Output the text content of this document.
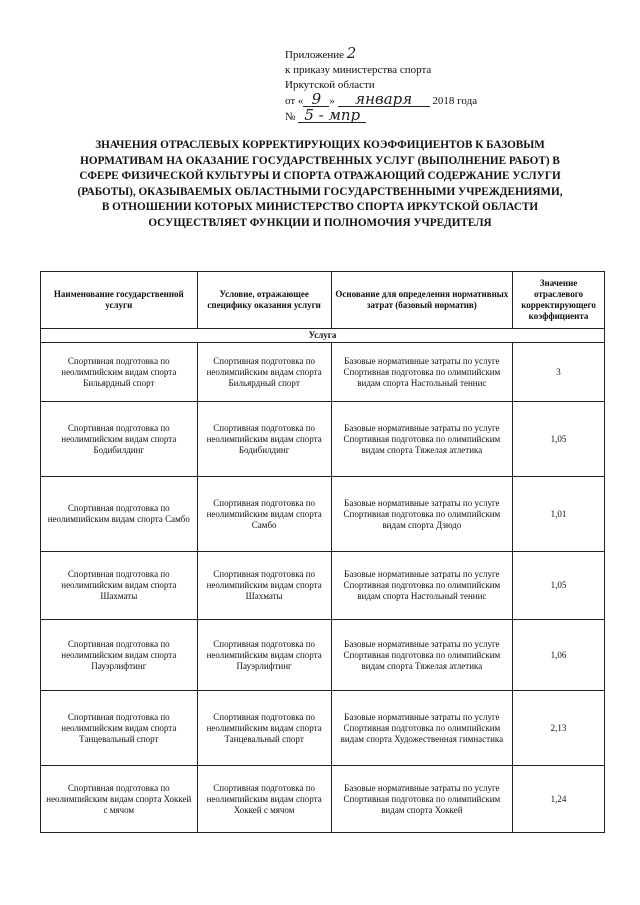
Приложение 2
к приказу министерства спорта
Иркутской области
от « 9 » января 2018 года
№ 5 - мпр
ЗНАЧЕНИЯ ОТРАСЛЕВЫХ КОРРЕКТИРУЮЩИХ КОЭФФИЦИЕНТОВ К БАЗОВЫМ
НОРМАТИВАМ НА ОКАЗАНИЕ ГОСУДАРСТВЕННЫХ УСЛУГ (ВЫПОЛНЕНИЕ РАБОТ) В
СФЕРЕ ФИЗИЧЕСКОЙ КУЛЬТУРЫ И СПОРТА ОТРАЖАЮЩИЙ СОДЕРЖАНИЕ УСЛУГИ
(РАБОТЫ), ОКАЗЫВАЕМЫХ ОБЛАСТНЫМИ ГОСУДАРСТВЕННЫМИ УЧРЕЖДЕНИЯМИ,
В ОТНОШЕНИИ КОТОРЫХ МИНИСТЕРСТВО СПОРТА ИРКУТСКОЙ ОБЛАСТИ
ОСУЩЕСТВЛЯЕТ ФУНКЦИИ И ПОЛНОМОЧИЯ УЧРЕДИТЕЛЯ
Наименование государственной услуги	Условие, отражающее специфику оказания услуги	Основание для определения нормативных затрат (базовый норматив)	Значение отраслевого корректирующего коэффициента
Услуга			
Спортивная подготовка по неолимпийским видам спорта Бильярдный спорт	Спортивная подготовка по неолимпийским видам спорта Бильярдный спорт	Базовые нормативные затраты по услуге Спортивная подготовка по олимпийским видам спорта Настольный теннис	3
Спортивная подготовка по неолимпийским видам спорта Бодибилдинг	Спортивная подготовка по неолимпийским видам спорта Бодибилдинг	Базовые нормативные затраты по услуге Спортивная подготовка по олимпийским видам спорта Тяжелая атлетика	1,05
Спортивная подготовка по неолимпийским видам спорта Самбо	Спортивная подготовка по неолимпийским видам спорта Самбо	Базовые нормативные затраты по услуге Спортивная подготовка по олимпийским видам спорта Дзюдо	1,01
Спортивная подготовка по неолимпийским видам спорта Шахматы	Спортивная подготовка по неолимпийским видам спорта Шахматы	Базовые нормативные затраты по услуге Спортивная подготовка по олимпийским видам спорта Настольный теннис	1,05
Спортивная подготовка по неолимпийским видам спорта Пауэрлифтинг	Спортивная подготовка по неолимпийским видам спорта Пауэрлифтинг	Базовые нормативные затраты по услуге Спортивная подготовка по олимпийским видам спорта Тяжелая атлетика	1,06
Спортивная подготовка по неолимпийским видам спорта Танцевальный спорт	Спортивная подготовка по неолимпийским видам спорта Танцевальный спорт	Базовые нормативные затраты по услуге Спортивная подготовка по олимпийским видам спорта Художественная гимнастика	2,13
Спортивная подготовка по неолимпийским видам спорта Хоккей с мячом	Спортивная подготовка по неолимпийским видам спорта Хоккей с мячом	Базовые нормативные затраты по услуге Спортивная подготовка по олимпийским видам спорта Хоккей	1,24
